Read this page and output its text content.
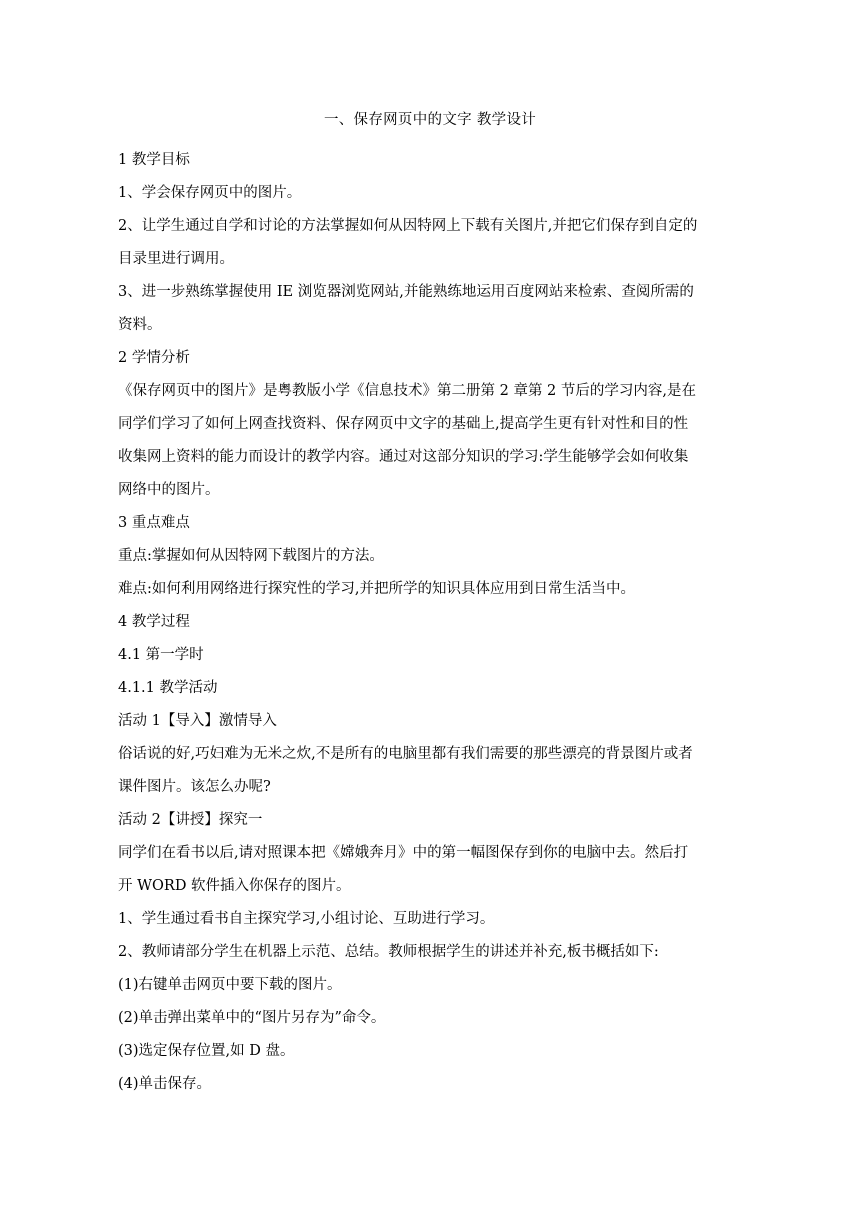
一、保存网页中的文字 教学设计

1 教学目标

1、学会保存网页中的图片。

2、让学生通过自学和讨论的方法掌握如何从因特网上下载有关图片,并把它们保存到自定的

目录里进行调用。

3、进一步熟练掌握使用 IE 浏览器浏览网站,并能熟练地运用百度网站来检索、查阅所需的

资料。

2 学情分析

《保存网页中的图片》是粤教版小学《信息技术》第二册第 2 章第 2 节后的学习内容,是在

同学们学习了如何上网查找资料、保存网页中文字的基础上,提高学生更有针对性和目的性

收集网上资料的能力而设计的教学内容。通过对这部分知识的学习:学生能够学会如何收集

网络中的图片。

3 重点难点

重点:掌握如何从因特网下载图片的方法。

难点:如何利用网络进行探究性的学习,并把所学的知识具体应用到日常生活当中。

4 教学过程

4.1 第一学时

4.1.1 教学活动

活动 1【导入】激情导入

俗话说的好,巧妇难为无米之炊,不是所有的电脑里都有我们需要的那些漂亮的背景图片或者

课件图片。该怎么办呢?

活动 2【讲授】探究一

同学们在看书以后,请对照课本把《嫦娥奔月》中的第一幅图保存到你的电脑中去。然后打

开 WORD 软件插入你保存的图片。

1、学生通过看书自主探究学习,小组讨论、互助进行学习。

2、教师请部分学生在机器上示范、总结。教师根据学生的讲述并补充,板书概括如下:

(1)右键单击网页中要下载的图片。

(2)单击弹出菜单中的“图片另存为”命令。

(3)选定保存位置,如 D 盘。

(4)单击保存。
